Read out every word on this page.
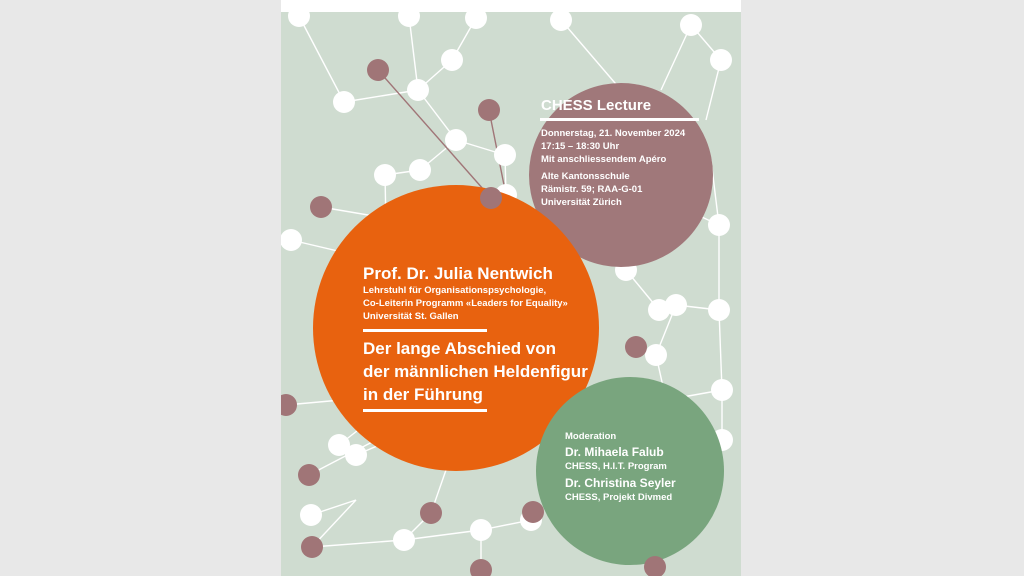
CHESS Lecture
Donnerstag, 21. November 2024
17:15 – 18:30 Uhr
Mit anschliessendem Apéro
Alte Kantonsschule
Rämistr. 59; RAA-G-01
Universität Zürich
Prof. Dr. Julia Nentwich
Lehrstuhl für Organisationspsychologie,
Co-Leiterin Programm «Leaders for Equality»
Universität St. Gallen
Der lange Abschied von
der männlichen Heldenfigur
in der Führung
Moderation
Dr. Mihaela Falub
CHESS, H.I.T. Program
Dr. Christina Seyler
CHESS, Projekt Divmed
